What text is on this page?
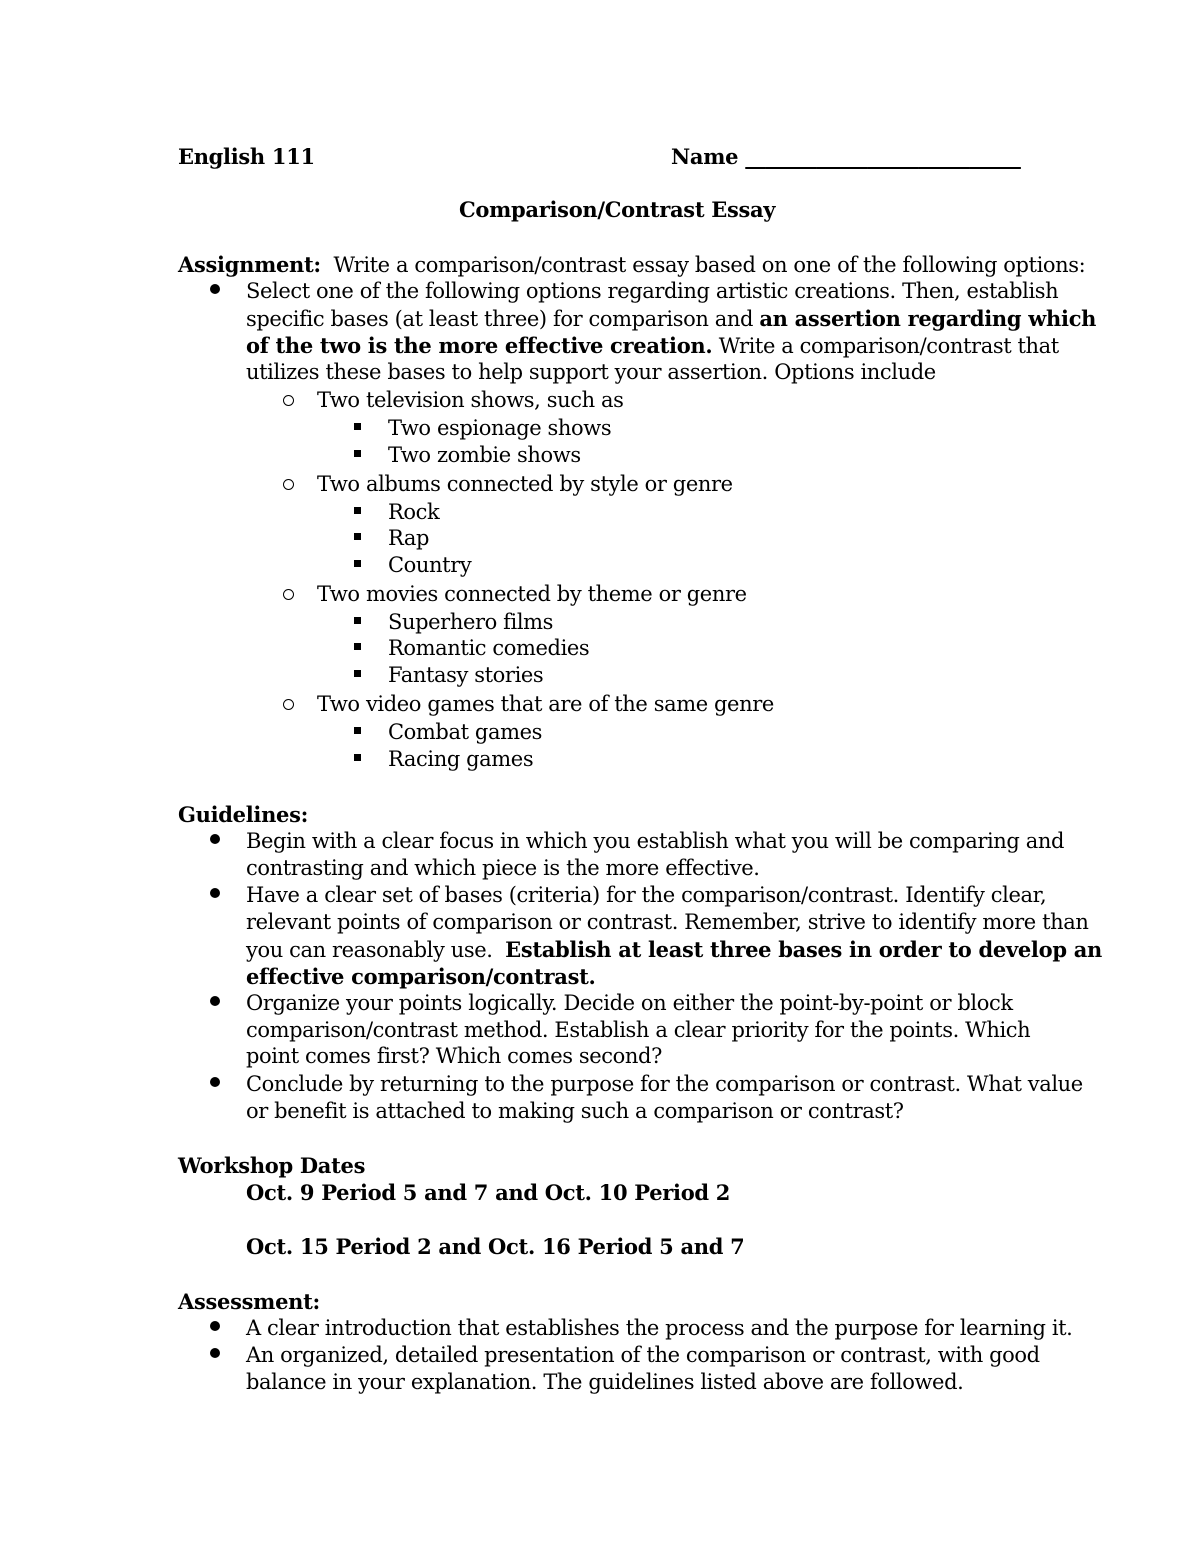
English 111	Name ___________________________
Comparison/Contrast Essay
Assignment: Write a comparison/contrast essay based on one of the following options:
Select one of the following options regarding artistic creations. Then, establish
specific bases (at least three) for comparison and an assertion regarding which
of the two is the more effective creation. Write a comparison/contrast that
utilizes these bases to help support your assertion. Options include
Two television shows, such as
Two espionage shows
Two zombie shows
Two albums connected by style or genre
Rock
Rap
Country
Two movies connected by theme or genre
Superhero films
Romantic comedies
Fantasy stories
Two video games that are of the same genre
Combat games
Racing games
Guidelines:
Begin with a clear focus in which you establish what you will be comparing and
contrasting and which piece is the more effective.
Have a clear set of bases (criteria) for the comparison/contrast. Identify clear,
relevant points of comparison or contrast. Remember, strive to identify more than
you can reasonably use. Establish at least three bases in order to develop an
effective comparison/contrast.
Organize your points logically. Decide on either the point-by-point or block
comparison/contrast method. Establish a clear priority for the points. Which
point comes first? Which comes second?
Conclude by returning to the purpose for the comparison or contrast. What value
or benefit is attached to making such a comparison or contrast?
Workshop Dates
Oct. 9 Period 5 and 7 and Oct. 10 Period 2
Oct. 15 Period 2 and Oct. 16 Period 5 and 7
Assessment:
A clear introduction that establishes the process and the purpose for learning it.
An organized, detailed presentation of the comparison or contrast, with good
balance in your explanation. The guidelines listed above are followed.
